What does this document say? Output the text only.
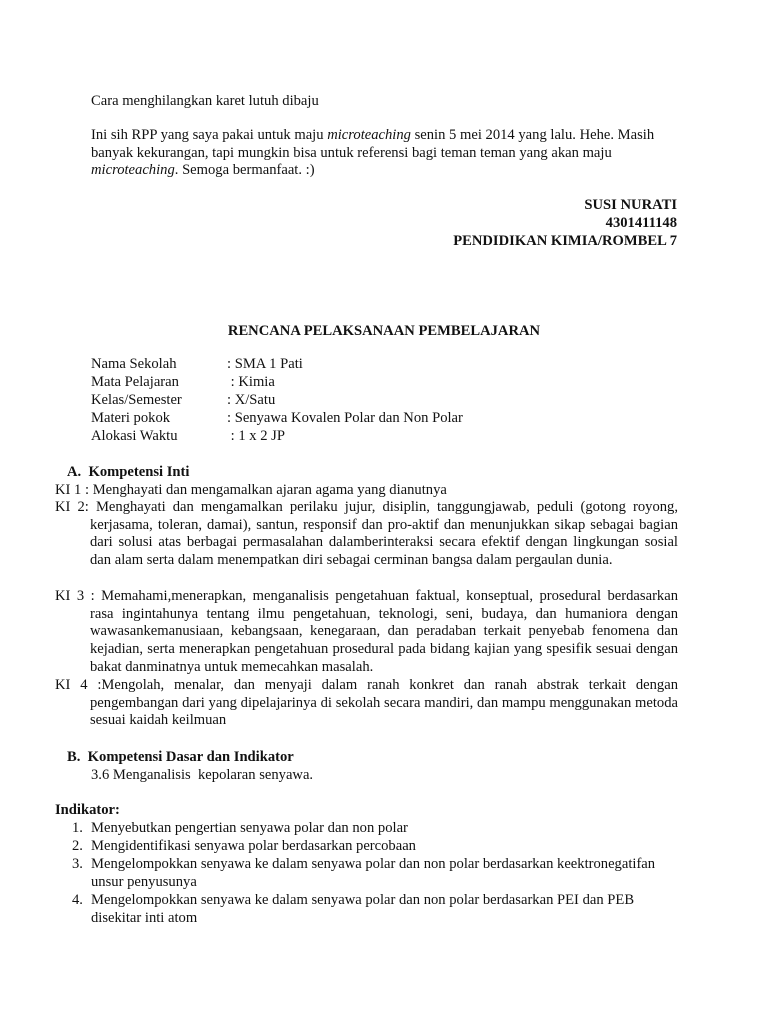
Cara menghilangkan karet lutuh dibaju
Ini sih RPP yang saya pakai untuk maju microteaching senin 5 mei 2014 yang lalu. Hehe. Masih banyak kekurangan, tapi mungkin bisa untuk referensi bagi teman teman yang akan maju microteaching. Semoga bermanfaat. :)
SUSI NURATI
4301411148
PENDIDIKAN KIMIA/ROMBEL 7
RENCANA PELAKSANAAN PEMBELAJARAN
Nama Sekolah	: SMA 1 Pati
Mata Pelajaran	: Kimia
Kelas/Semester	: X/Satu
Materi pokok	: Senyawa Kovalen Polar dan Non Polar
Alokasi Waktu	: 1 x 2 JP
A.  Kompetensi Inti
KI 1 : Menghayati dan mengamalkan ajaran agama yang dianutnya
KI 2: Menghayati dan mengamalkan perilaku jujur, disiplin, tanggungjawab, peduli (gotong royong,
kerjasama, toleran, damai), santun, responsif dan pro-aktif dan menunjukkan sikap sebagai bagian dari solusi atas berbagai permasalahan dalamberinteraksi secara efektif dengan lingkungan sosial dan alam serta dalam menempatkan diri sebagai cerminan bangsa dalam pergaulan dunia.
KI 3 : Memahami,menerapkan, menganalisis pengetahuan faktual, konseptual, prosedural berdasarkan
rasa ingintahunya tentang ilmu pengetahuan, teknologi, seni, budaya, dan humaniora dengan wawasankemanusiaan, kebangsaan, kenegaraan, dan peradaban terkait penyebab fenomena dan kejadian, serta menerapkan pengetahuan prosedural pada bidang kajian yang spesifik sesuai dengan bakat danminatnya untuk memecahkan masalah.
KI 4 :Mengolah, menalar, dan menyaji dalam ranah konkret dan ranah abstrak terkait dengan
pengembangan dari yang dipelajarinya di sekolah secara mandiri, dan mampu menggunakan metoda sesuai kaidah keilmuan
B.  Kompetensi Dasar dan Indikator
3.6 Menganalisis  kepolaran senyawa.
Indikator:
1. Menyebutkan pengertian senyawa polar dan non polar
2. Mengidentifikasi senyawa polar berdasarkan percobaan
3. Mengelompokkan senyawa ke dalam senyawa polar dan non polar berdasarkan keektronegatifan unsur penyusunya
4. Mengelompokkan senyawa ke dalam senyawa polar dan non polar berdasarkan PEI dan PEB disekitar inti atom
